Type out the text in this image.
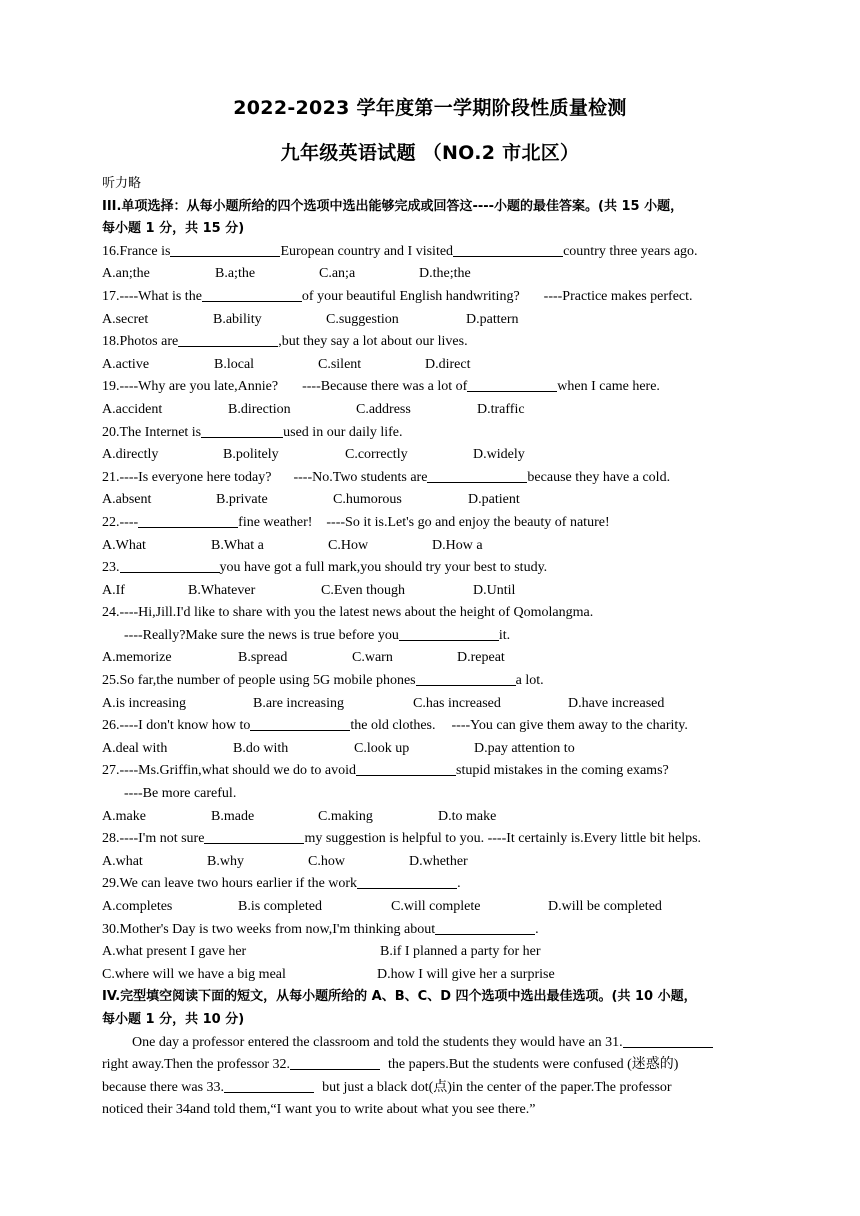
2022-2023 学年度第一学期阶段性质量检测
九年级英语试题 （NO.2 市北区）
听力略
III.单项选择：从每小题所给的四个选项中选出能够完成或回答这----小题的最佳答案。(共 15 小题，
每小题 1 分，共 15 分)
16.France is	European country and I visited	country three years ago.
A.an;the	B.a;the	C.an;a	D.the;the
17.----What is the	of your beautiful English handwriting? ----Practice makes perfect.
A.secret	B.ability	C.suggestion	D.pattern
18.Photos are	,but they say a lot about our lives.
A.active	B.local	C.silent	D.direct
19.----Why are you late,Annie? ----Because there was a lot of	when I came here.
A.accident	B.direction	C.address	D.traffic
20.The Internet is	used in our daily life.
A.directly	B.politely	C.correctly	D.widely
21.----Is everyone here today? ----No.Two students are	because they have a cold.
A.absent	B.private	C.humorous	D.patient
22.----	fine weather! ----So it is.Let's go and enjoy the beauty of nature!
A.What	B.What a	C.How	D.How a
23.	you have got a full mark,you should try your best to study.
A.If	B.Whatever	C.Even though	D.Until
24.----Hi,Jill.I'd like to share with you the latest news about the height of Qomolangma.
----Really?Make sure the news is true before you	it.
A.memorize	B.spread	C.warn	D.repeat
25.So far,the number of people using 5G mobile phones	a lot.
A.is increasing	B.are increasing	C.has increased	D.have increased
26.----I don't know how to	the old clothes. ----You can give them away to the charity.
A.deal with	B.do with	C.look up	D.pay attention to
27.----Ms.Griffin,what should we do to avoid	stupid mistakes in the coming exams?
----Be more careful.
A.make	B.made	C.making	D.to make
28.----I'm not sure	my suggestion is helpful to you. ----It certainly is.Every little bit helps.
A.what	B.why	C.how	D.whether
29.We can leave two hours earlier if the work	.
A.completes	B.is completed	C.will complete	D.will be completed
30.Mother's Day is two weeks from now,I'm thinking about	.
A.what present I gave her	B.if I planned a party for her
C.where will we have a big meal	D.how I will give her a surprise
IV.完型填空阅读下面的短文，从每小题所给的 A、B、C、D 四个选项中选出最佳选项。(共 10 小题，
每小题 1 分，共 10 分)
One day a professor entered the classroom and told the students they would have an 31.
right away.Then the professor 32.	the papers.But the students were confused (迷惑的)
because there was 33.	but just a black dot(点)in the center of the paper.The professor
noticed their 34and told them,“I want you to write about what you see there.”
